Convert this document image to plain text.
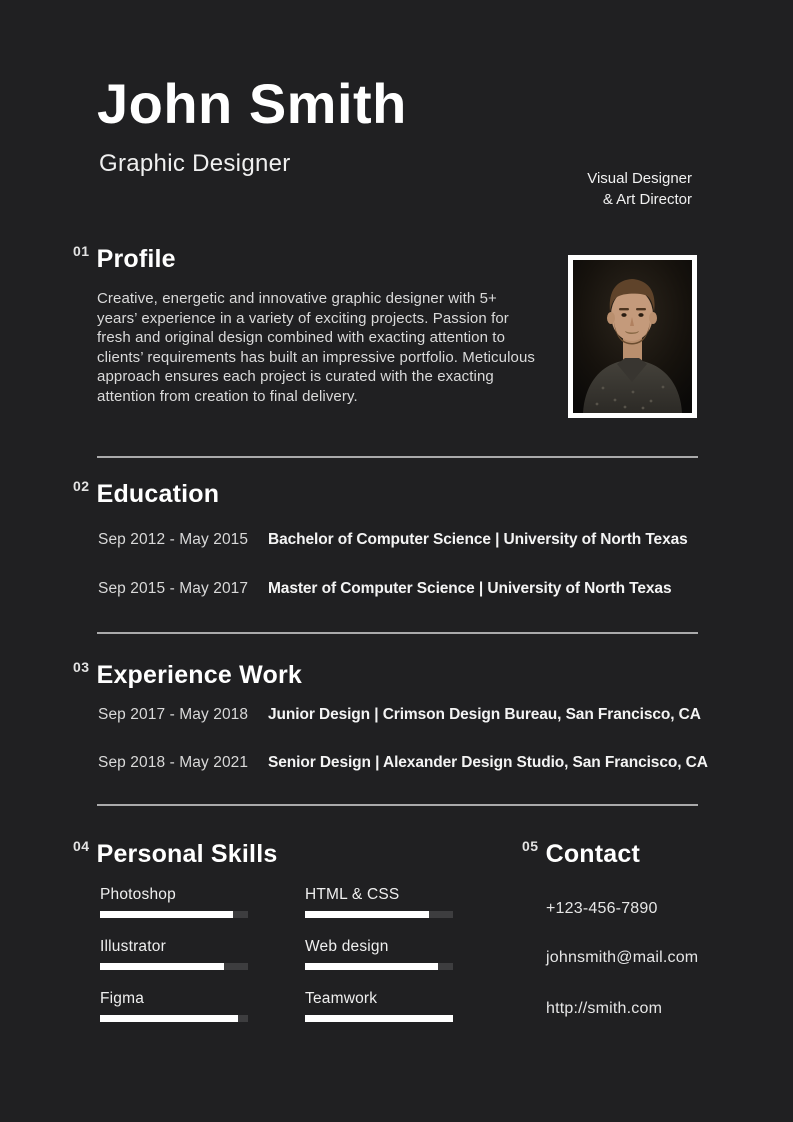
John Smith
Graphic Designer
Visual Designer
& Art Director
$^{01}$ Profile
Creative, energetic and innovative graphic designer with 5+ years’ experience in a variety of exciting projects. Passion for fresh and original design combined with exacting attention to clients’ requirements has built an impressive portfolio. Meticulous approach ensures each project is curated with the exacting attention from creation to final delivery.
$^{02}$ Education
Sep 2012 - May 2015	Bachelor of Computer Science | University of North Texas
Sep 2015 - May 2017	Master of Computer Science | University of North Texas
$^{03}$ Experience Work
Sep 2017 - May 2018	Junior Design | Crimson Design Bureau, San Francisco, CA
Sep 2018 - May 2021	Senior Design | Alexander Design Studio, San Francisco, CA
$^{04}$ Personal Skills
Photoshop
Illustrator
Figma
HTML & CSS
Web design
Teamwork
$^{05}$ Contact
+123-456-7890
johnsmith@mail.com
http://smith.com
